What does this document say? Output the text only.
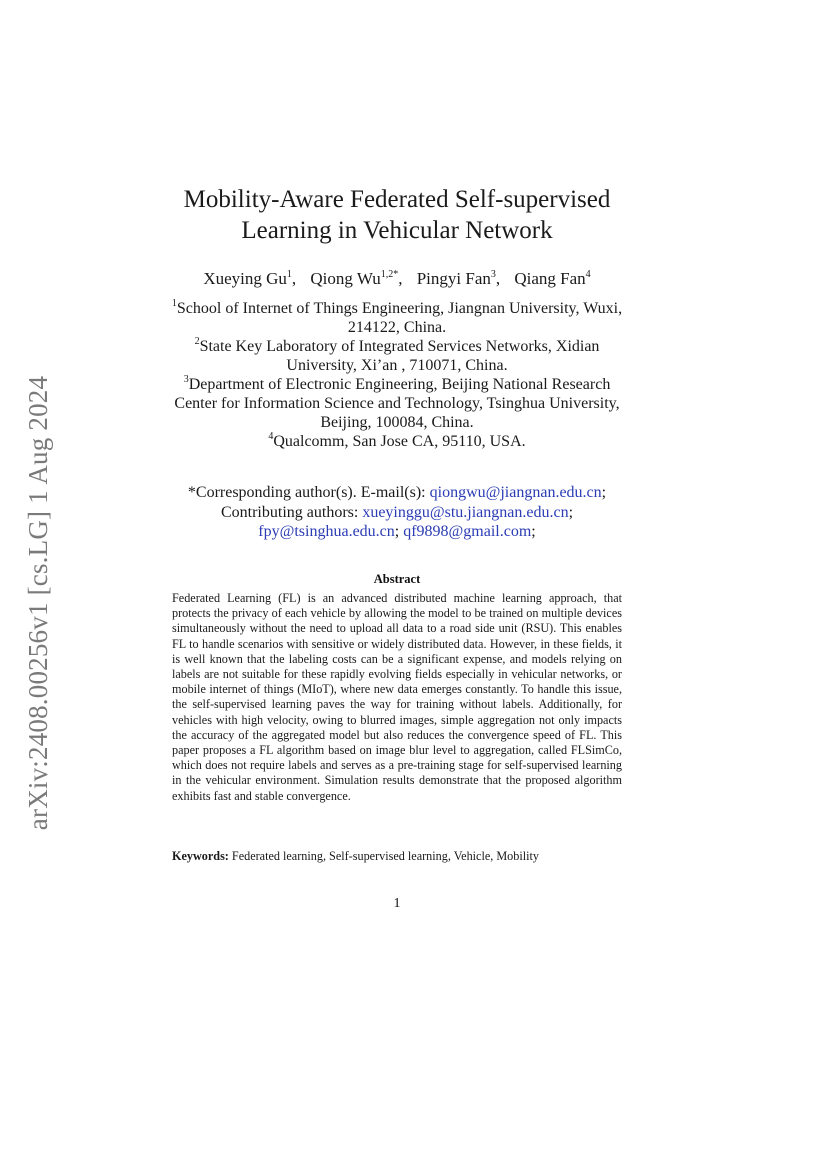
arXiv:2408.00256v1 [cs.LG] 1 Aug 2024
Mobility-Aware Federated Self-supervised
Learning in Vehicular Network
Xueying Gu$^1$, Qiong $Wu^{1,2*}$, Pingyi Fan$^3$, Qiang Fan$^4$
$^1$School of Internet of Things Engineering, Jiangnan University, Wuxi,
214122, China.
$^2$State Key Laboratory of Integrated Services Networks, Xidian
University, Xi’an , 710071, China.
$^3$Department of Electronic Engineering, Beijing National Research
Center for Information Science and Technology, Tsinghua University,
Beijing, 100084, China.
$^4$Qualcomm, San Jose CA, 95110, USA.
*Corresponding author(s). E-mail(s): qiongwu@jiangnan.edu.cn;
Contributing authors: xueyinggu@stu.jiangnan.edu.cn;
fpy@tsinghua.edu.cn; qf9898@gmail.com;
Abstract

Federated Learning (FL) is an advanced distributed machine learning approach, that protects the privacy of each vehicle by allowing the model to be trained on multiple devices simultaneously without the need to upload all data to a road side unit (RSU). This enables FL to handle scenarios with sensitive or widely distributed data. However, in these fields, it is well known that the labeling costs can be a significant expense, and models relying on labels are not suitable for these rapidly evolving fields especially in vehicular networks, or mobile internet of things (MIoT), where new data emerges constantly. To handle this issue, the self-supervised learning paves the way for training without labels. Additionally, for vehicles with high velocity, owing to blurred images, simple aggregation not only impacts the accuracy of the aggregated model but also reduces the convergence speed of FL. This paper proposes a FL algorithm based on image blur level to aggregation, called FLSimCo, which does not require labels and serves as a pre-training stage for self-supervised learning in the vehicular environment. Simulation results demonstrate that the proposed algorithm exhibits fast and stable convergence.

Keywords: Federated learning, Self-supervised learning, Vehicle, Mobility
1
